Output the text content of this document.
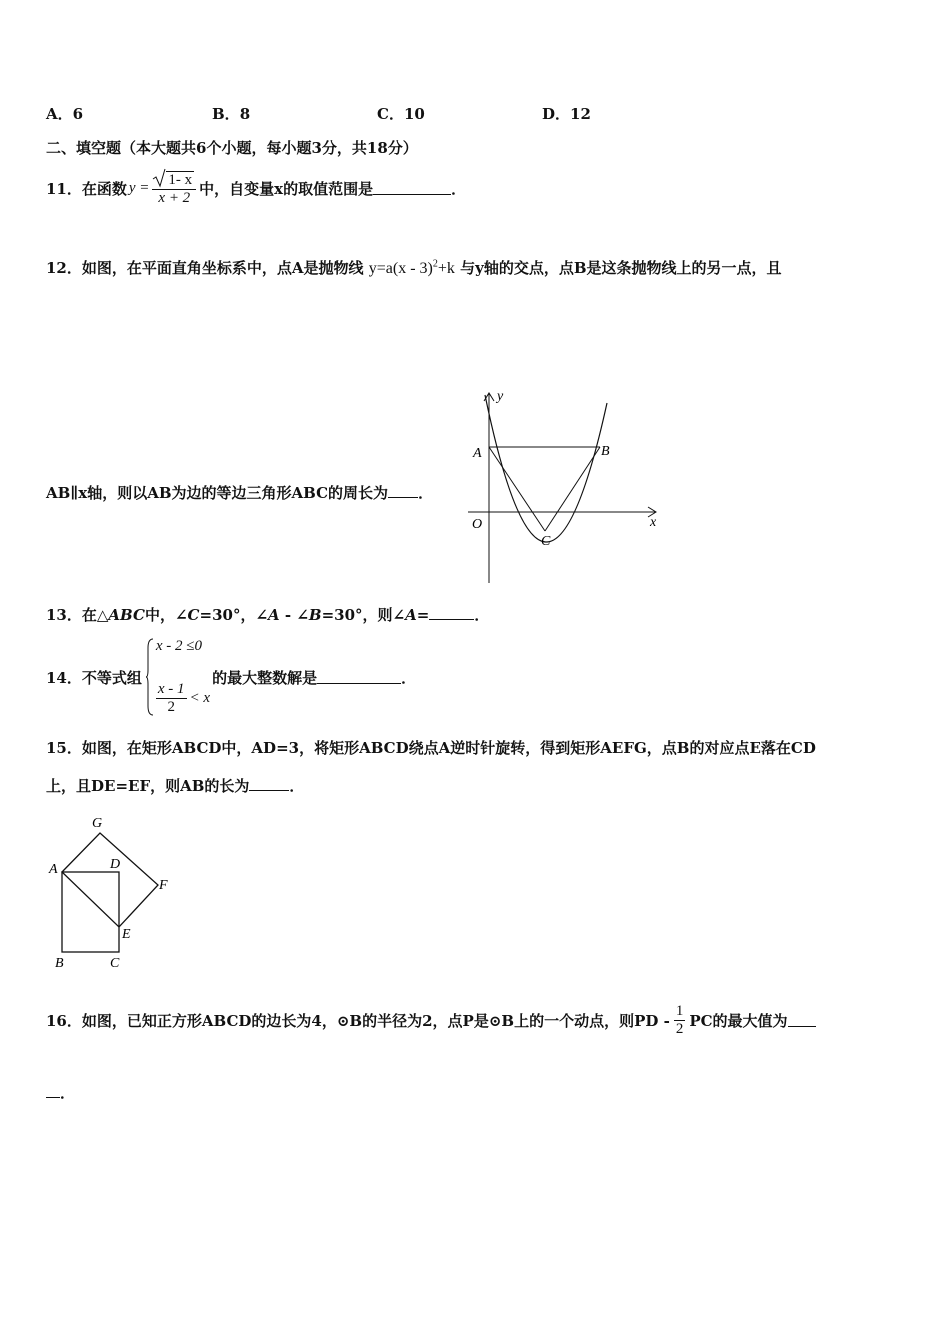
A．6	B．8	C．10	D．12
二、填空题（本大题共6个小题，每小题3分，共18分）
11． 在函数 $y = \frac{1- x}{x + 2}$ 中，自变量x的取值范围是	．
12．如图，在平面直角坐标系中，点A是抛物线 y=a(x - 3)$^2$+k 与y轴的交点，点B是这条抛物线上的另一点，且
AB∥x轴，则以AB为边的等边三角形ABC的周长为 ．
y
x
O
A	B
C
13．在△ABC中，∠C=30°，∠A - ∠B=30°，则∠A=	．
14． 不等式组
x - 2 ≤0
$\frac{x - 1}{2} < x$
的最大整数解是	．
15．如图，在矩形ABCD中，AD=3，将矩形ABCD绕点A逆时针旋转，得到矩形AEFG，点B的对应点E落在CD
上，且DE=EF，则AB的长为	．
G
A	D
F
E
B	C
16． 如图，已知正方形ABCD的边长为4，⊙B的半径为2，点P是⊙B上的一个动点，则PD - $\frac{1}{2}$ PC的最大值为
．
